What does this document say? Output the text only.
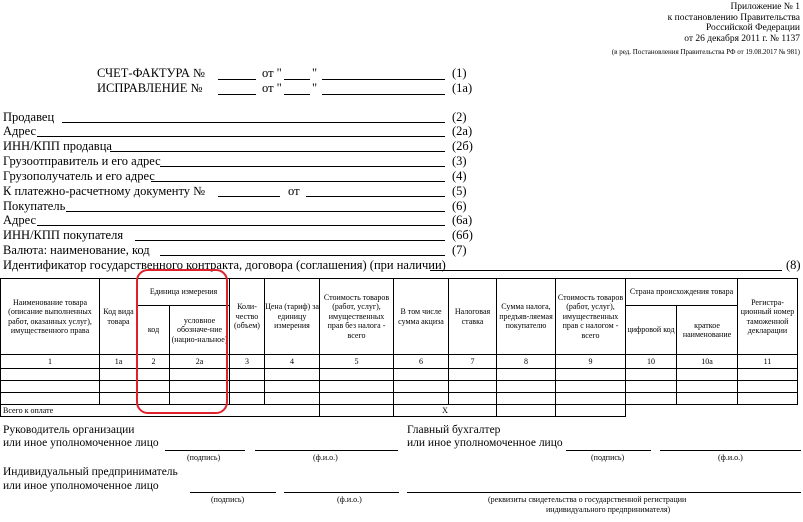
Приложение № 1
к постановлению Правительства
Российской Федерации
от 26 декабря 2011 г. № 1137
(в ред. Постановления Правительства РФ от 19.08.2017 № 981)
СЧЕТ-ФАКТУРА №	от " "	(1)
ИСПРАВЛЕНИЕ №	от " "	(1а)
Продавец	(2)
Адрес	(2а)
ИНН/КПП продавца	(2б)
Грузоотправитель и его адрес	(3)
Грузополучатель и его адрес	(4)
К платежно-расчетному документу №	от	(5)
Покупатель	(6)
Адрес	(6а)
ИНН/КПП покупателя	(6б)
Валюта: наименование, код	(7)
Идентификатор государственного контракта, договора (соглашения) (при наличии)	(8)
Наименование товара (описание выполненных работ, оказанных услуг), имущественного права	Код вида товара	Единица измерения		Коли-чество (объем)	Цена (тариф) за единицу измерения	Стоимость товаров (работ, услуг), имущественных прав без налога - всего	В том числе сумма акциза	Налоговая ставка	Сумма налога, предъяв-ляемая покупателю	Стоимость товаров (работ, услуг), имущественных прав с налогом - всего	Страна происхождения товара		Регистра-ционный номер таможенной декларации
		код	условное обозначе-ние (нацио-нальное)								цифровой код	краткое наименование	
1	1а	2	2а	3	4	5	6	7	8	9	10	10а	11

Всего к оплате							Х						
Руководитель организации
или иное уполномоченное лицо
(подпись)	(ф.и.о.)
Главный бухгалтер
или иное уполномоченное лицо
(подпись)	(ф.и.о.)
Индивидуальный предприниматель
или иное уполномоченное лицо
(подпись)	(ф.и.о.)	(реквизиты свидетельства о государственной регистрации
индивидуального предпринимателя)
